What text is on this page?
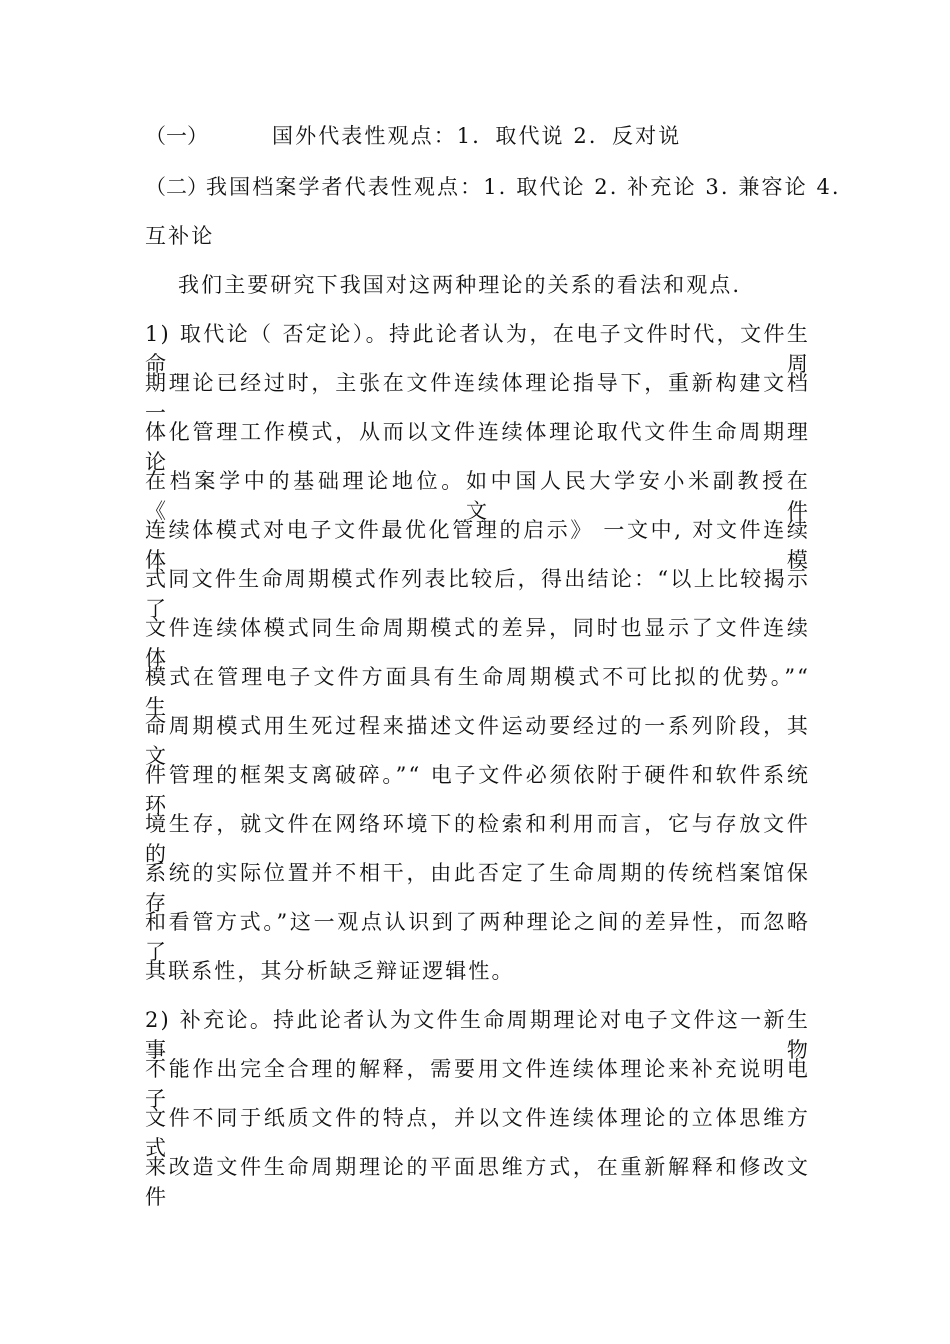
（一）	国外代表性观点：1．取代说 2．反对说
（二）
我国档案学者代表性观点：1. 取代论 2. 补充论 3. 兼容论 4.
互补论
我们主要研究下我国对这两种理论的关系的看法和观点.
1) 取代论（ 否定论）。持此论者认为，在电子文件时代，文件生命周
期理论已经过时，主张在文件连续体理论指导下，重新构建文档一
体化管理工作模式，从而以文件连续体理论取代文件生命周期理论
在档案学中的基础理论地位。如中国人民大学安小米副教授在《文件
连续体模式对电子文件最优化管理的启示》 一文中, 对文件连续体模
式同文件生命周期模式作列表比较后，得出结论：“以上比较揭示了
文件连续体模式同生命周期模式的差异，同时也显示了文件连续体
模式在管理电子文件方面具有生命周期模式不可比拟的优势。”“ 生
命周期模式用生死过程来描述文件运动要经过的一系列阶段，其文
件管理的框架支离破碎。”“ 电子文件必须依附于硬件和软件系统环
境生存，就文件在网络环境下的检索和利用而言，它与存放文件的
系统的实际位置并不相干，由此否定了生命周期的传统档案馆保存
和看管方式。”这一观点认识到了两种理论之间的差异性，而忽略了
其联系性，其分析缺乏辩证逻辑性。
2) 补充论。持此论者认为文件生命周期理论对电子文件这一新生事物
不能作出完全合理的解释，需要用文件连续体理论来补充说明电子
文件不同于纸质文件的特点，并以文件连续体理论的立体思维方式
来改造文件生命周期理论的平面思维方式，在重新解释和修改文件
